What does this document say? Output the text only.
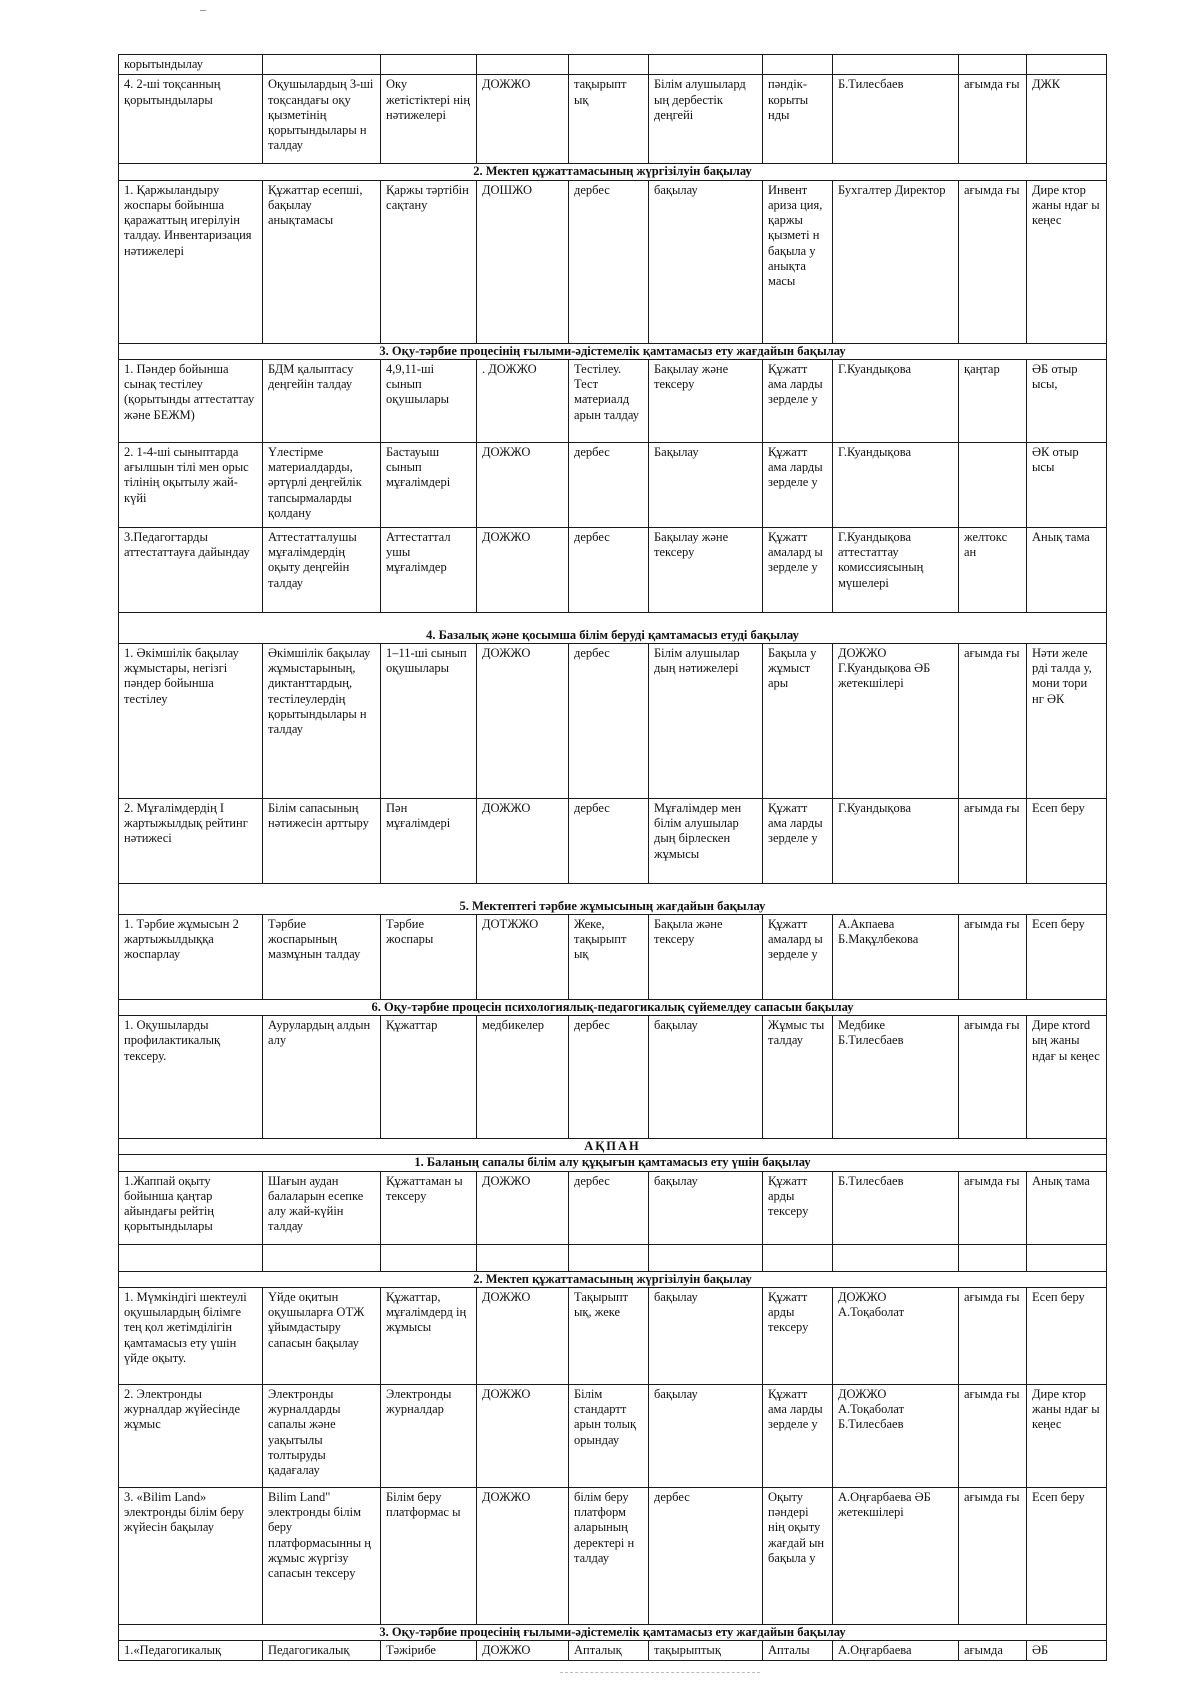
корытындылау									
4. 2-ші тоқсанның қорытындылары	Оқушылардың 3-ші тоқсандағы оқу қызметінің қорытындылары н талдау	Оку жетістіктері нің нәтижелері	ДОЖЖО	тақырыпт ық	Білім алушылард ың дербестік деңгейі	пәндік-корыты нды	Б.Тилесбаев	ағымда ғы	ДЖК
2. Мектеп құжаттамасының жүргізілуін бақылау									
1. Қаржыландыру жоспары бойынша қаражаттың игерілуін талдау. Инвентаризация нәтижелері	Құжаттар есепші, бақылау анықтамасы	Қаржы тәртібін сақтану	ДОШЖО	дербес	бақылау	Инвент ариза ция, қаржы қызметі н бақыла у анықта масы	Бухгалтер Директор	ағымда ғы	Дире ктор жаны ндағ ы кеңес
3. Оқу-тәрбие процесінің ғылыми-әдістемелік қамтамасыз ету жағдайын бақылау									
1. Пәндер бойынша сынақ тестілеу (қорытынды аттестаттау және БЕЖМ)	БДМ қалыптасу деңгейін талдау	4,9,11-ші сынып оқушылары	. ДОЖЖО	Тестілеу. Тест материалд арын талдау	Бақылау және тексеру	Құжатт ама ларды зерделе у	Г.Куандықова	қаңтар	ӘБ отыр ысы,
2. 1-4-ші сыныптарда ағылшын тілі мен орыс тілінің оқытылу жай-күйі	Үлестірме материалдарды, әртүрлі деңгейлік тапсырмаларды қолдану	Бастауыш сынып мұғалімдері	ДОЖЖО	дербес	Бақылау	Құжатт ама ларды зерделе у	Г.Куандықова		ӘК отыр ысы
3.Педагогтарды аттестаттауға дайындау	Аттестатталушы мұғалімдердің оқыту деңгейін талдау	Аттестаттал ушы мұғалімдер	ДОЖЖО	дербес	Бақылау және тексеру	Құжатт амалард ы зерделе у	Г.Куандықова аттестаттау комиссиясының мүшелері	желтокс ан	Анық тама
4. Базалық және қосымша білім беруді қамтамасыз етуді бақылау									
1. Әкімшілік бақылау жұмыстары, негізгі пәндер бойынша тестілеу	Әкімшілік бақылау жұмыстарының, диктанттардың, тестілеулердің қорытындылары н талдау	1–11-ші сынып оқушылары	ДОЖЖО	дербес	Білім алушылар дың нәтижелері	Бақыла у жұмыст ары	ДОЖЖО Г.Куандықова ӘБ жетекшілері	ағымда ғы	Нәти желе рді талда у, мони тори нг ӘК
2. Мұғалімдердің І жартыжылдық рейтинг нәтижесі	Білім сапасының нәтижесін арттыру	Пән мұғалімдері	ДОЖЖО	дербес	Мұғалімдер мен білім алушылар дың бірлескен жұмысы	Құжатт ама ларды зерделе у	Г.Куандықова	ағымда ғы	Есеп беру
5. Мектептегі тәрбие жұмысының жағдайын бақылау									
1. Тәрбие жұмысын 2 жартыжылдыққа жоспарлау	Тәрбие жоспарының мазмұнын талдау	Тәрбие жоспары	ДОТЖЖО	Жеке, тақырыпт ық	Бақыла және тексеру	Құжатт амалард ы зерделе у	А.Акпаева Б.Мақұлбекова	ағымда ғы	Есеп беру
6. Оқу-тәрбие процесін психологиялық-педагогикалық сүйемелдеу сапасын бақылау									
1. Оқушыларды профилактикалық тексеру.	Аурулардың алдын алу	Құжаттар	медбикелер	дербес	бақылау	Жұмыс ты талдау	Медбике Б.Тилесбаев	ағымда ғы	Дире ктord ың жаны ндағ ы кеңес
АҚПАН									
1. Баланың сапалы білім алу құқығын қамтамасыз ету үшін бақылау									
1.Жаппай оқыту бойынша қаңтар айындағы рейтің қорытындылары	Шағын аудан балаларын есепке алу жай-күйін талдау	Құжаттаман ы тексеру	ДОЖЖО	дербес	бақылау	Құжатт арды тексеру	Б.Тилесбаев	ағымда ғы	Анық тама

2. Мектеп құжаттамасының жүргізілуін бақылау									
1. Мүмкіндігі шектеулі оқушылардың білімге тең қол жетімділігін қамтамасыз ету үшін үйде оқыту.	Үйде оқитын оқушыларға ОТЖ ұйымдастыру сапасын бақылау	Құжаттар, мұғалімдерд ің жұмысы	ДОЖЖО	Тақырыпт ық, жеке	бақылау	Құжатт арды тексеру	ДОЖЖО А.Тоқаболат	ағымда ғы	Есеп беру
2. Электронды журналдар жүйесінде жұмыс	Электронды журналдарды сапалы және уақытылы толтыруды қадағалау	Электронды журналдар	ДОЖЖО	Білім стандартт арын толық орындау	бақылау	Құжатт ама ларды зерделе у	ДОЖЖО А.Тоқаболат Б.Тилесбаев	ағымда ғы	Дире ктор жаны ндағ ы кеңес
3. «Bilim Land» электронды білім беру жүйесін бақылау	Bilim Land" электронды білім беру платформасынны ң жұмыс жүргізу сапасын тексеру	Білім беру платформас ы	ДОЖЖО	білім беру платформ аларының деректері н талдау	дербес	Оқыту пәндері нің оқыту жағдай ын бақыла у	А.Оңғарбаева ӘБ жетекшілері	ағымда ғы	Есеп беру
3. Оқу-тәрбие процесінің ғылыми-әдістемелік қамтамасыз ету жағдайын бақылау									
1.«Педагогикалық	Педагогикалық	Тәжірибе	ДОЖЖО	Апталық	тақырыптық	Апталы	А.Оңғарбаева	ағымда	ӘБ
